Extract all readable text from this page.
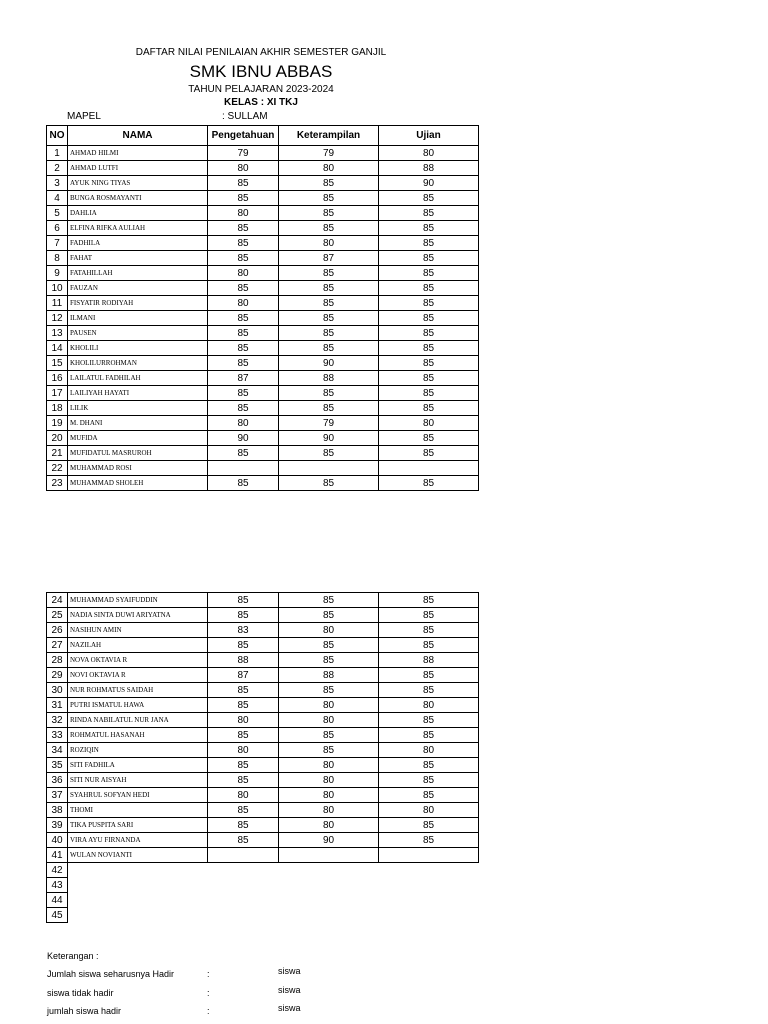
DAFTAR NILAI PENILAIAN AKHIR SEMESTER GANJIL
SMK IBNU ABBAS
TAHUN PELAJARAN 2023-2024
KELAS : XI TKJ
MAPEL	: SULLAM
NO	NAMA	Pengetahuan	Keterampilan	Ujian
1	AHMAD HILMI	79	79	80
2	AHMAD LUTFI	80	80	88
3	AYUK NING TIYAS	85	85	90
4	BUNGA ROSMAYANTI	85	85	85
5	DAHLIA	80	85	85
6	ELFINA RIFKA AULIAH	85	85	85
7	FADHILA	85	80	85
8	FAHAT	85	87	85
9	FATAHILLAH	80	85	85
10	FAUZAN	85	85	85
11	FISYATIR RODIYAH	80	85	85
12	ILMANI	85	85	85
13	PAUSEN	85	85	85
14	KHOLILI	85	85	85
15	KHOLILURROHMAN	85	90	85
16	LAILATUL FADHILAH	87	88	85
17	LAILIYAH HAYATI	85	85	85
18	LILIK	85	85	85
19	M. DHANI	80	79	80
20	MUFIDA	90	90	85
21	MUFIDATUL MASRUROH	85	85	85
22	MUHAMMAD ROSI			
23	MUHAMMAD SHOLEH	85	85	85
24	MUHAMMAD SYAIFUDDIN	85	85	85
25	NADIA SINTA DUWI ARIYATNA	85	85	85
26	NASIHUN AMIN	83	80	85
27	NAZILAH	85	85	85
28	NOVA OKTAVIA R	88	85	88
29	NOVI OKTAVIA R	87	88	85
30	NUR ROHMATUS SAIDAH	85	85	85
31	PUTRI ISMATUL HAWA	85	80	80
32	RINDA NABILATUL NUR JANA	80	80	85
33	ROHMATUL HASANAH	85	85	85
34	ROZIQIN	80	85	80
35	SITI FADHILA	85	80	85
36	SITI NUR AISYAH	85	80	85
37	SYAHRUL SOFYAN HEDI	80	80	85
38	THOMI	85	80	80
39	TIKA PUSPITA SARI	85	80	85
40	VIRA AYU FIRNANDA	85	90	85
41	WULAN NOVIANTI			
42				
43				
44				
45				
Keterangan :
Jumlah siswa seharusnya Hadir	:	siswa
siswa tidak hadir	:	siswa
jumlah siswa hadir	:	siswa
